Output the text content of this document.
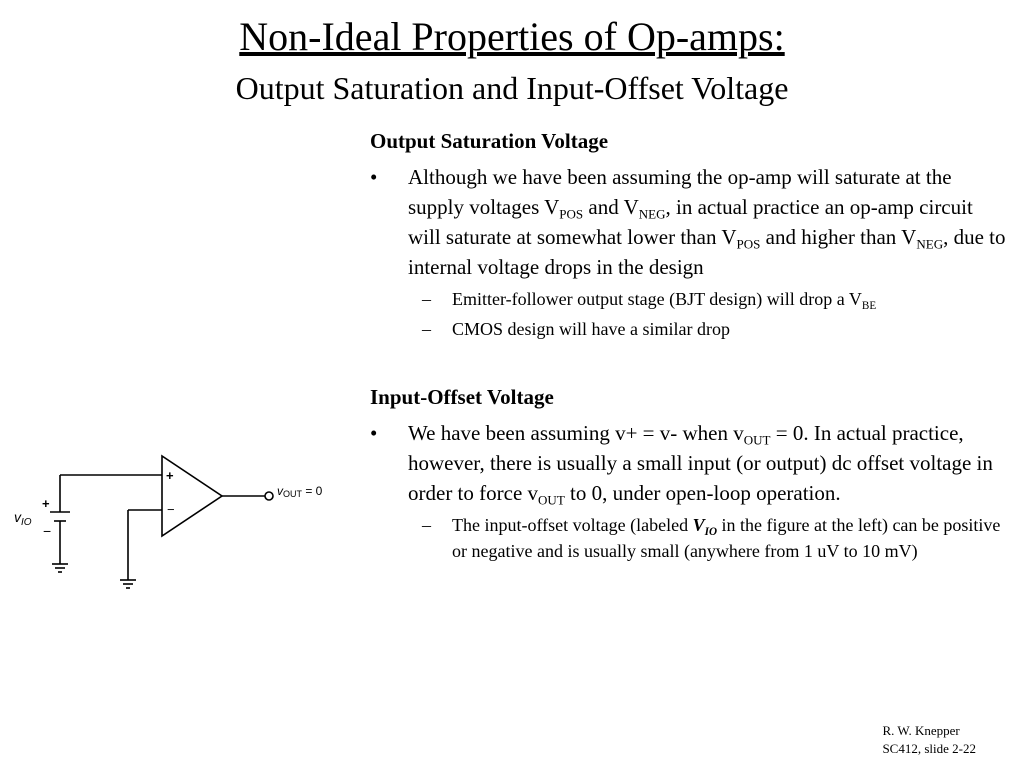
Non-Ideal Properties of Op-amps:
Output Saturation and Input-Offset Voltage
+
−
+
−
$v_{IO}$
vOUT = 0
Output Saturation Voltage
• Although we have been assuming the op-amp will saturate at the supply voltages $V_{POS}$ and $V_{NEG}$, in actual practice an op-amp circuit will saturate at somewhat lower than $V_{POS}$ and higher than $V_{NEG}$, due to internal voltage drops in the design
– Emitter-follower output stage (BJT design) will drop a $V_{BE}$
– CMOS design will have a similar drop
Input-Offset Voltage
• We have been assuming v+ = v- when $v_{OUT} = 0$. In actual practice, however, there is usually a small input (or output) dc offset voltage in order to force $v_{OUT}$ to 0, under open-loop operation.
– The input-offset voltage (labeled $V_{IO}$ in the figure at the left) can be positive or negative and is usually small (anywhere from 1 uV to 10 mV)
R. W. Knepper
SC412, slide 2-22
